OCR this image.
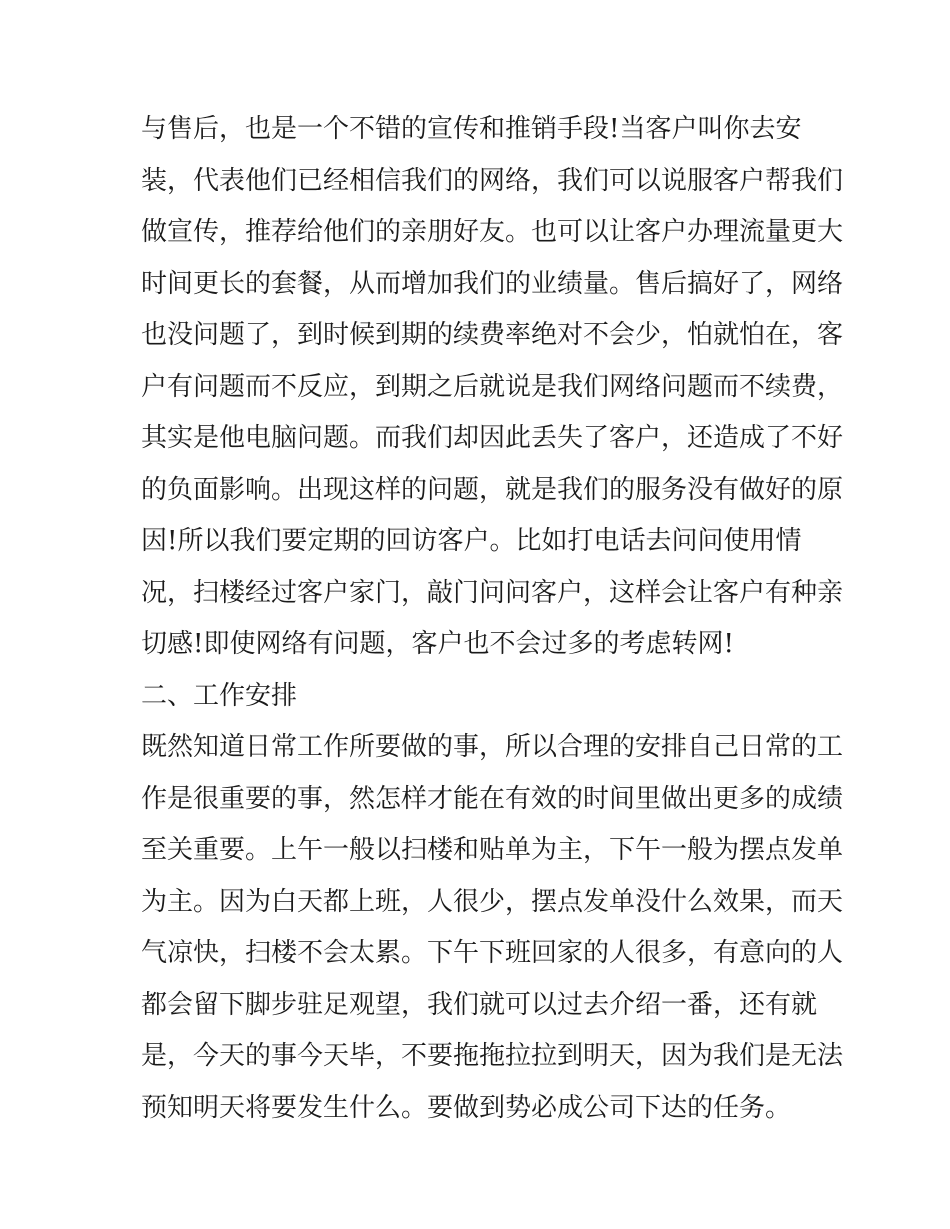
与售后，也是一个不错的宣传和推销手段!当客户叫你去安
装，代表他们已经相信我们的网络，我们可以说服客户帮我们
做宣传，推荐给他们的亲朋好友。也可以让客户办理流量更大
时间更长的套餐，从而增加我们的业绩量。售后搞好了，网络
也没问题了，到时候到期的续费率绝对不会少，怕就怕在，客
户有问题而不反应，到期之后就说是我们网络问题而不续费，
其实是他电脑问题。而我们却因此丢失了客户，还造成了不好
的负面影响。出现这样的问题，就是我们的服务没有做好的原
因!所以我们要定期的回访客户。比如打电话去问问使用情
况，扫楼经过客户家门，敲门问问客户，这样会让客户有种亲
切感!即使网络有问题，客户也不会过多的考虑转网!
二、工作安排
既然知道日常工作所要做的事，所以合理的安排自己日常的工
作是很重要的事，然怎样才能在有效的时间里做出更多的成绩
至关重要。上午一般以扫楼和贴单为主，下午一般为摆点发单
为主。因为白天都上班，人很少，摆点发单没什么效果，而天
气凉快，扫楼不会太累。下午下班回家的人很多，有意向的人
都会留下脚步驻足观望，我们就可以过去介绍一番，还有就
是，今天的事今天毕，不要拖拖拉拉到明天，因为我们是无法
预知明天将要发生什么。要做到势必成公司下达的任务。
